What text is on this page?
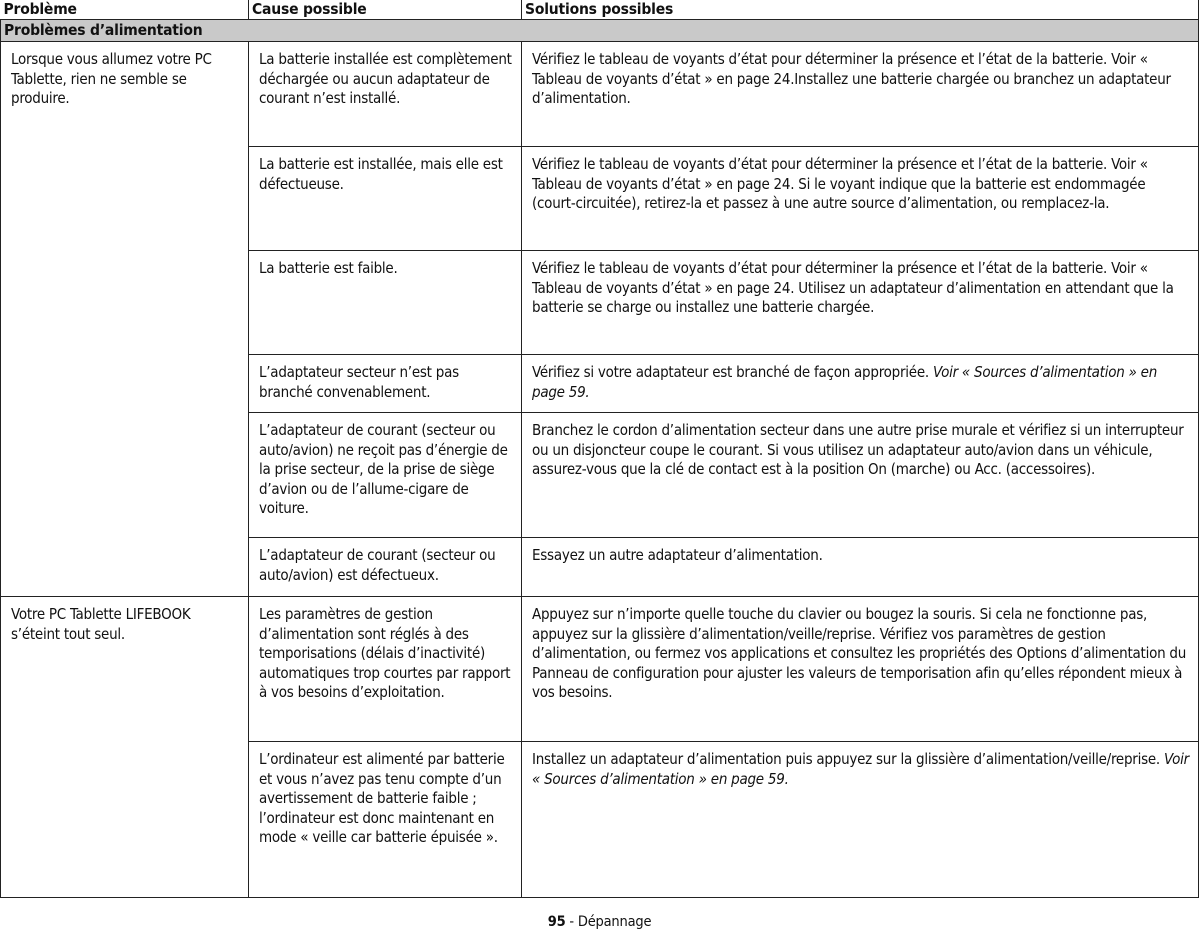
Problème	Cause possible	Solutions possibles
Problèmes d’alimentation		
Lorsque vous allumez votre PC Tablette, rien ne semble se produire.	La batterie installée est complètement déchargée ou aucun adaptateur de courant n’est installé.	Vérifiez le tableau de voyants d’état pour déterminer la présence et l’état de la batterie. Voir « Tableau de voyants d’état » en page 24.Installez une batterie chargée ou branchez un adaptateur d’alimentation.
	La batterie est installée, mais elle est défectueuse.	Vérifiez le tableau de voyants d’état pour déterminer la présence et l’état de la batterie. Voir « Tableau de voyants d’état » en page 24. Si le voyant indique que la batterie est endommagée (court-circuitée), retirez-la et passez à une autre source d’alimentation, ou remplacez-la.
	La batterie est faible.	Vérifiez le tableau de voyants d’état pour déterminer la présence et l’état de la batterie. Voir « Tableau de voyants d’état » en page 24. Utilisez un adaptateur d’alimentation en attendant que la batterie se charge ou installez une batterie chargée.
	L’adaptateur secteur n’est pas branché convenablement.	Vérifiez si votre adaptateur est branché de façon appropriée. Voir « Sources d’alimentation » en page 59.
	L’adaptateur de courant (secteur ou auto/avion) ne reçoit pas d’énergie de la prise secteur, de la prise de siège d’avion ou de l’allume-cigare de voiture.	Branchez le cordon d’alimentation secteur dans une autre prise murale et vérifiez si un interrupteur ou un disjoncteur coupe le courant. Si vous utilisez un adaptateur auto/avion dans un véhicule, assurez-vous que la clé de contact est à la position On (marche) ou Acc. (accessoires).
	L’adaptateur de courant (secteur ou auto/avion) est défectueux.	Essayez un autre adaptateur d’alimentation.
Votre PC Tablette LIFEBOOK s’éteint tout seul.	Les paramètres de gestion d’alimentation sont réglés à des temporisations (délais d’inactivité) automatiques trop courtes par rapport à vos besoins d’exploitation.	Appuyez sur n’importe quelle touche du clavier ou bougez la souris. Si cela ne fonctionne pas, appuyez sur la glissière d’alimentation/veille/reprise. Vérifiez vos paramètres de gestion d’alimentation, ou fermez vos applications et consultez les propriétés des Options d’alimentation du Panneau de configuration pour ajuster les valeurs de temporisation afin qu’elles répondent mieux à vos besoins.
	L’ordinateur est alimenté par batterie et vous n’avez pas tenu compte d’un avertissement de batterie faible ; l’ordinateur est donc maintenant en mode « veille car batterie épuisée ».	Installez un adaptateur d’alimentation puis appuyez sur la glissière d’alimentation/veille/reprise. Voir « Sources d’alimentation » en page 59.
95 - Dépannage
